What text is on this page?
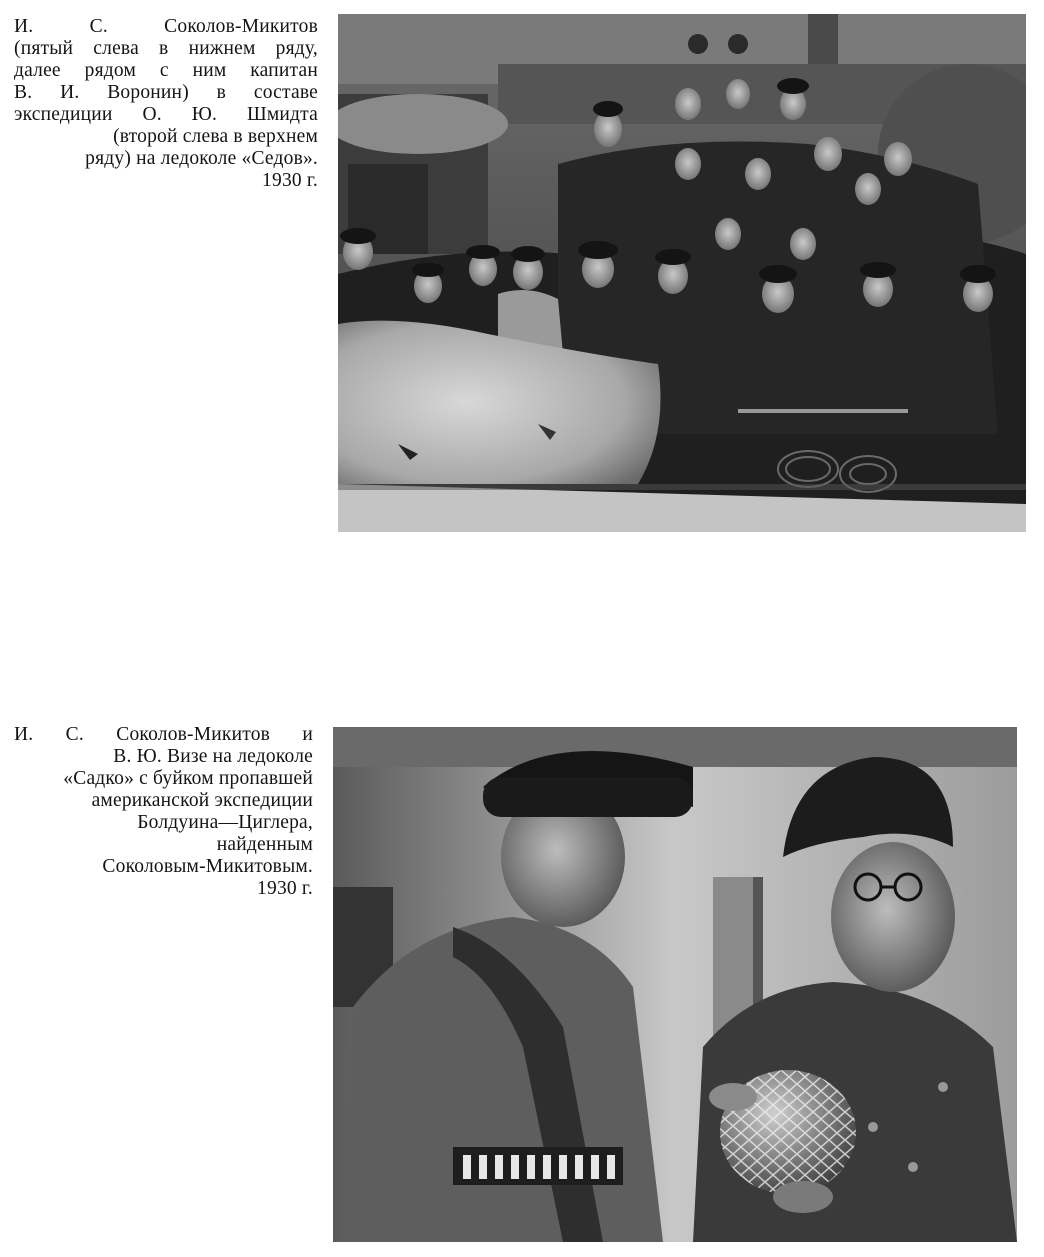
И. С. Соколов-Микитов
(пятый слева в нижнем ряду,
далее рядом с ним капитан
В. И. Воронин) в составе
экспедиции О. Ю. Шмидта
(второй слева в верхнем
ряду) на ледоколе «Седов».
1930 г.
И. С. Соколов-Микитов и
В. Ю. Визе на ледоколе
«Садко» с буйком пропавшей
американской экспедиции
Болдуина—Циглера,
найденным
Соколовым-Микитовым.
1930 г.
